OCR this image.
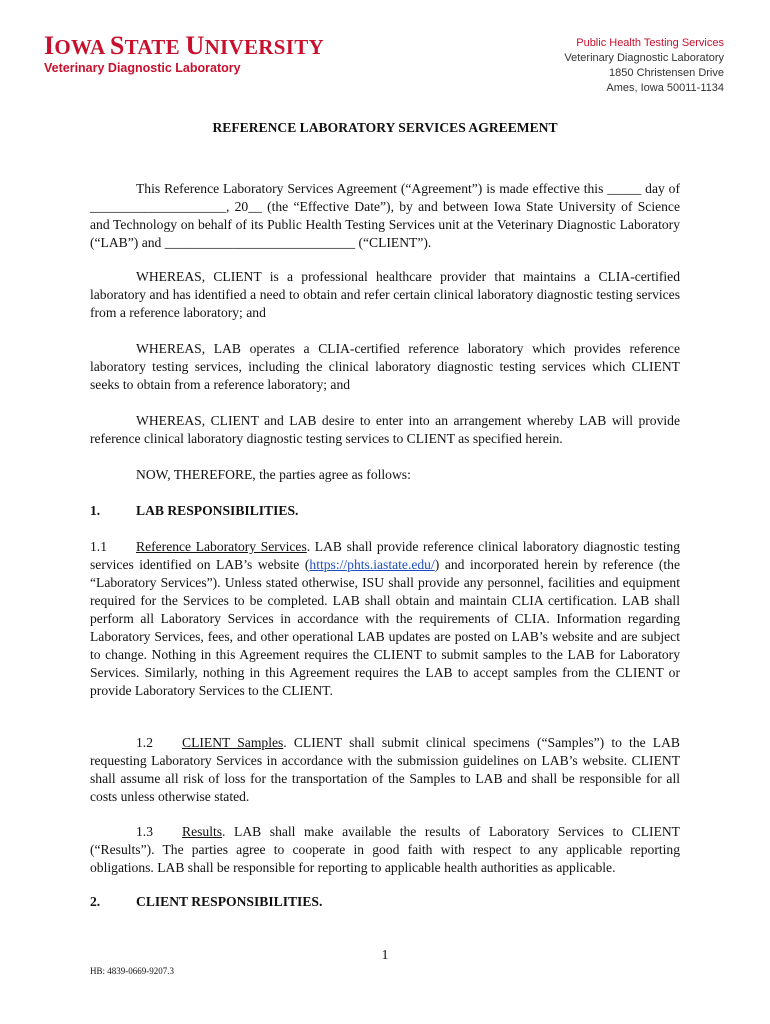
IOWA STATE UNIVERSITY
Veterinary Diagnostic Laboratory
Public Health Testing Services
Veterinary Diagnostic Laboratory
1850 Christensen Drive
Ames, Iowa 50011-1134
REFERENCE LABORATORY SERVICES AGREEMENT

This Reference Laboratory Services Agreement (“Agreement”) is made effective this _____ day of ____________________, 20__ (the “Effective Date”), by and between Iowa State University of Science and Technology on behalf of its Public Health Testing Services unit at the Veterinary Diagnostic Laboratory (“LAB”) and ____________________________ (“CLIENT”).

WHEREAS, CLIENT is a professional healthcare provider that maintains a CLIA-certified laboratory and has identified a need to obtain and refer certain clinical laboratory diagnostic testing services from a reference laboratory; and

WHEREAS, LAB operates a CLIA-certified reference laboratory which provides reference laboratory testing services, including the clinical laboratory diagnostic testing services which CLIENT seeks to obtain from a reference laboratory; and

WHEREAS, CLIENT and LAB desire to enter into an arrangement whereby LAB will provide reference clinical laboratory diagnostic testing services to CLIENT as specified herein.

NOW, THEREFORE, the parties agree as follows:

1.	LAB RESPONSIBILITIES.

1.1 Reference Laboratory Services. LAB shall provide reference clinical laboratory diagnostic testing services identified on LAB’s website (https://phts.iastate.edu/) and incorporated herein by reference (the “Laboratory Services”). Unless stated otherwise, ISU shall provide any personnel, facilities and equipment required for the Services to be completed. LAB shall obtain and maintain CLIA certification. LAB shall perform all Laboratory Services in accordance with the requirements of CLIA. Information regarding Laboratory Services, fees, and other operational LAB updates are posted on LAB’s website and are subject to change. Nothing in this Agreement requires the CLIENT to submit samples to the LAB for Laboratory Services. Similarly, nothing in this Agreement requires the LAB to accept samples from the CLIENT or provide Laboratory Services to the CLIENT.

1.2 CLIENT Samples. CLIENT shall submit clinical specimens (“Samples”) to the LAB requesting Laboratory Services in accordance with the submission guidelines on LAB’s website. CLIENT shall assume all risk of loss for the transportation of the Samples to LAB and shall be responsible for all costs unless otherwise stated.

1.3 Results. LAB shall make available the results of Laboratory Services to CLIENT (“Results”). The parties agree to cooperate in good faith with respect to any applicable reporting obligations. LAB shall be responsible for reporting to applicable health authorities as applicable.

2.	CLIENT RESPONSIBILITIES.
1
HB: 4839-0669-9207.3
